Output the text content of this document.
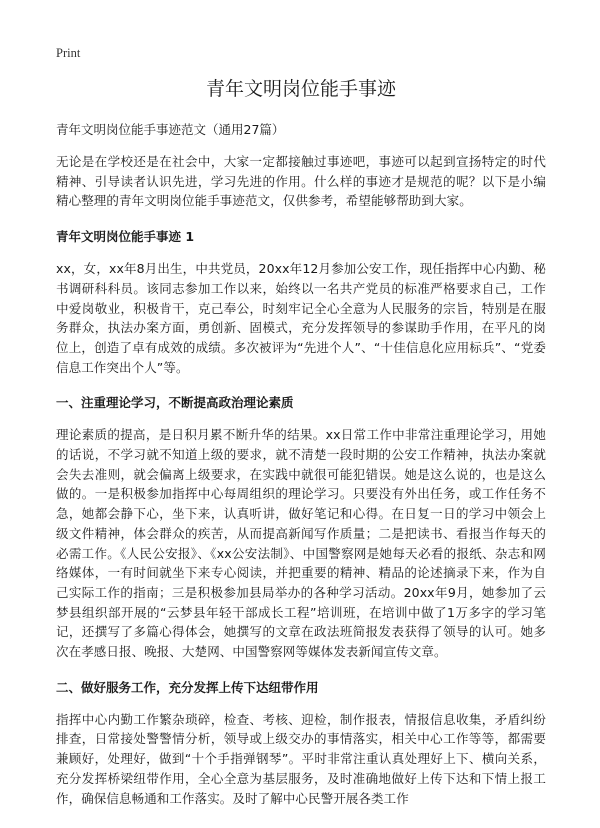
Print
青年文明岗位能手事迹

青年文明岗位能手事迹范文（通用27篇）

无论是在学校还是在社会中，大家一定都接触过事迹吧，事迹可以起到宣扬特定的时代精神、引导读者认识先进，学习先进的作用。什么样的事迹才是规范的呢？以下是小编精心整理的青年文明岗位能手事迹范文，仅供参考，希望能够帮助到大家。

青年文明岗位能手事迹 1

xx，女，xx年8月出生，中共党员，20xx年12月参加公安工作，现任指挥中心内勤、秘书调研科科员。该同志参加工作以来，始终以一名共产党员的标准严格要求自己，工作中爱岗敬业，积极肯干，克己奉公，时刻牢记全心全意为人民服务的宗旨，特别是在服务群众，执法办案方面，勇创新、固模式，充分发挥领导的参谋助手作用，在平凡的岗位上，创造了卓有成效的成绩。多次被评为“先进个人”、“十佳信息化应用标兵”、“党委信息工作突出个人”等。

一、注重理论学习，不断提高政治理论素质

理论素质的提高，是日积月累不断升华的结果。xx日常工作中非常注重理论学习，用她的话说，不学习就不知道上级的要求，就不清楚一段时期的公安工作精神，执法办案就会失去准则，就会偏离上级要求，在实践中就很可能犯错误。她是这么说的，也是这么做的。一是积极参加指挥中心每周组织的理论学习。只要没有外出任务，或工作任务不急，她都会静下心，坐下来，认真听讲，做好笔记和心得。在日复一日的学习中领会上级文件精神，体会群众的疾苦，从而提高新闻写作质量；二是把读书、看报当作每天的必需工作。《人民公安报》、《xx公安法制》、中国警察网是她每天必看的报纸、杂志和网络媒体，一有时间就坐下来专心阅读，并把重要的精神、精品的论述摘录下来，作为自己实际工作的指南；三是积极参加县局举办的各种学习活动。20xx年9月，她参加了云梦县组织部开展的“云梦县年轻干部成长工程”培训班，在培训中做了1万多字的学习笔记，还撰写了多篇心得体会，她撰写的文章在政法班简报发表获得了领导的认可。她多次在孝感日报、晚报、大楚网、中国警察网等媒体发表新闻宣传文章。

二、做好服务工作，充分发挥上传下达纽带作用

指挥中心内勤工作繁杂琐碎，检查、考核、迎检，制作报表，情报信息收集，矛盾纠纷排查，日常接处警警情分析，领导或上级交办的事情落实，相关中心工作等等，都需要兼顾好，处理好，做到“十个手指弹钢琴”。平时非常注重认真处理好上下、横向关系，充分发挥桥梁纽带作用，全心全意为基层服务，及时准确地做好上传下达和下情上报工作，确保信息畅通和工作落实。及时了解中心民警开展各类工作
